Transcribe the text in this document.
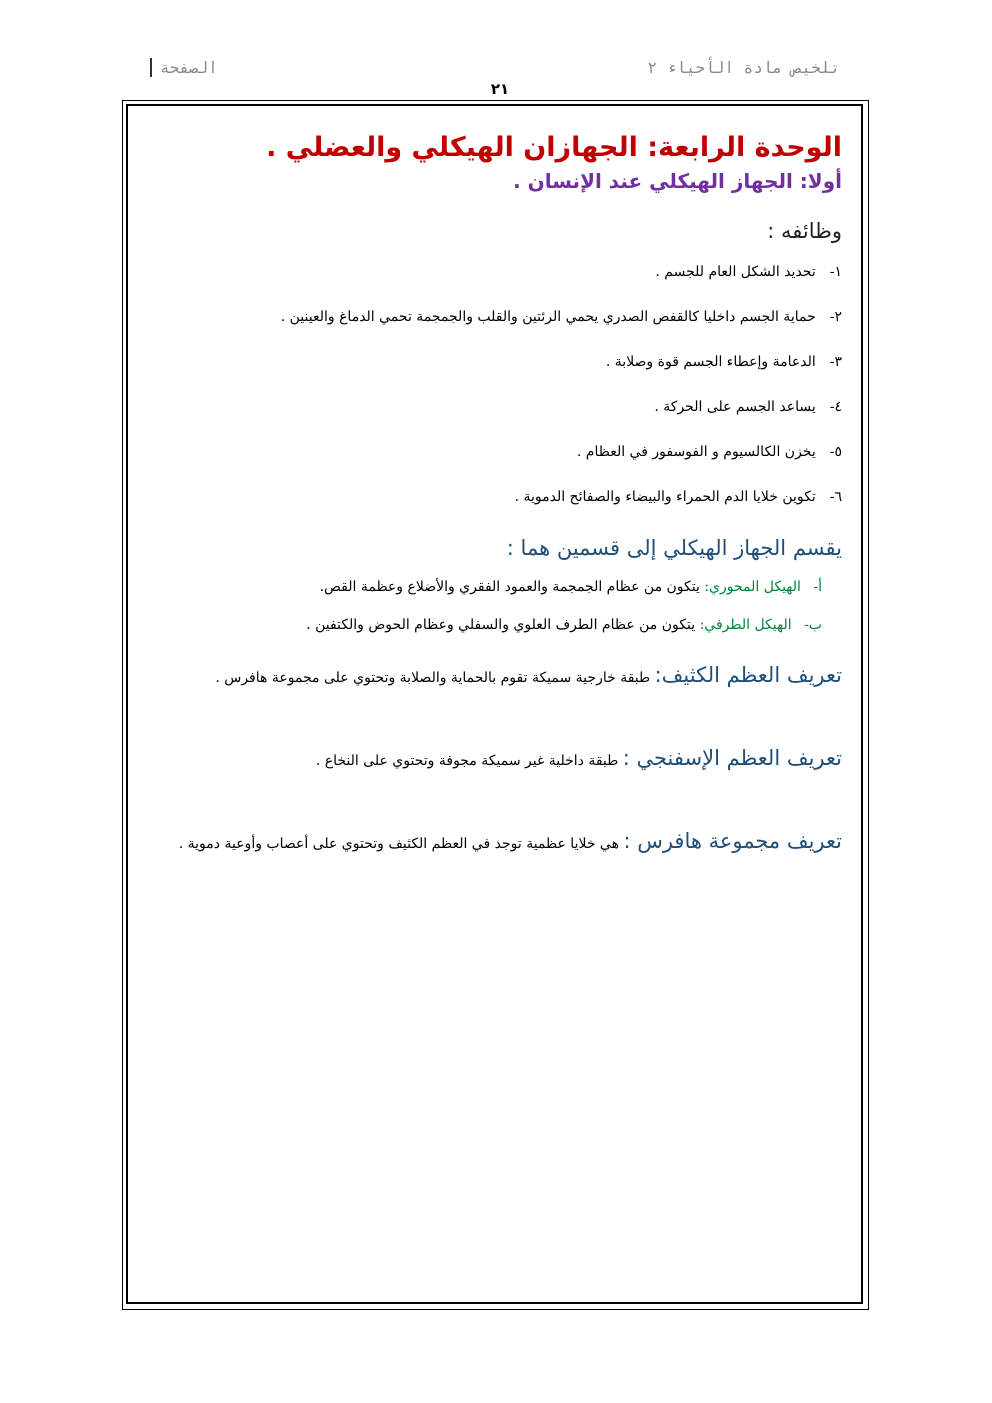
تلخيص مادة الأحياء ٢
الصفحة
٢١
الوحدة الرابعة: الجهازان الهيكلي والعضلي .
أولا: الجهاز الهيكلي عند الإنسان .
وظائفه :
١-تحديد الشكل العام للجسم .
٢-حماية الجسم داخليا كالقفص الصدري يحمي الرئتين والقلب والجمجمة تحمي الدماغ والعينين .
٣-الدعامة وإعطاء الجسم قوة وصلابة .
٤-يساعد الجسم على الحركة .
٥-يخزن الكالسيوم و الفوسفور في العظام .
٦-تكوين خلايا الدم الحمراء والبيضاء والصفائح الدموية .
يقسم الجهاز الهيكلي إلى قسمين هما :
أ- الهيكل المحوري: يتكون من عظام الجمجمة والعمود الفقري والأضلاع وعظمة القص.
ب- الهيكل الطرفي: يتكون من عظام الطرف العلوي والسفلي وعظام الحوض والكتفين .

تعريف العظم الكثيف: طبقة خارجية سميكة تقوم بالحماية والصلابة وتحتوي على مجموعة هافرس .

تعريف العظم الإسفنجي : طبقة داخلية غير سميكة مجوفة وتحتوي على النخاع .

تعريف مجموعة هافرس : هي خلايا عظمية توجد في العظم الكثيف وتحتوي على أعصاب وأوعية دموية .
